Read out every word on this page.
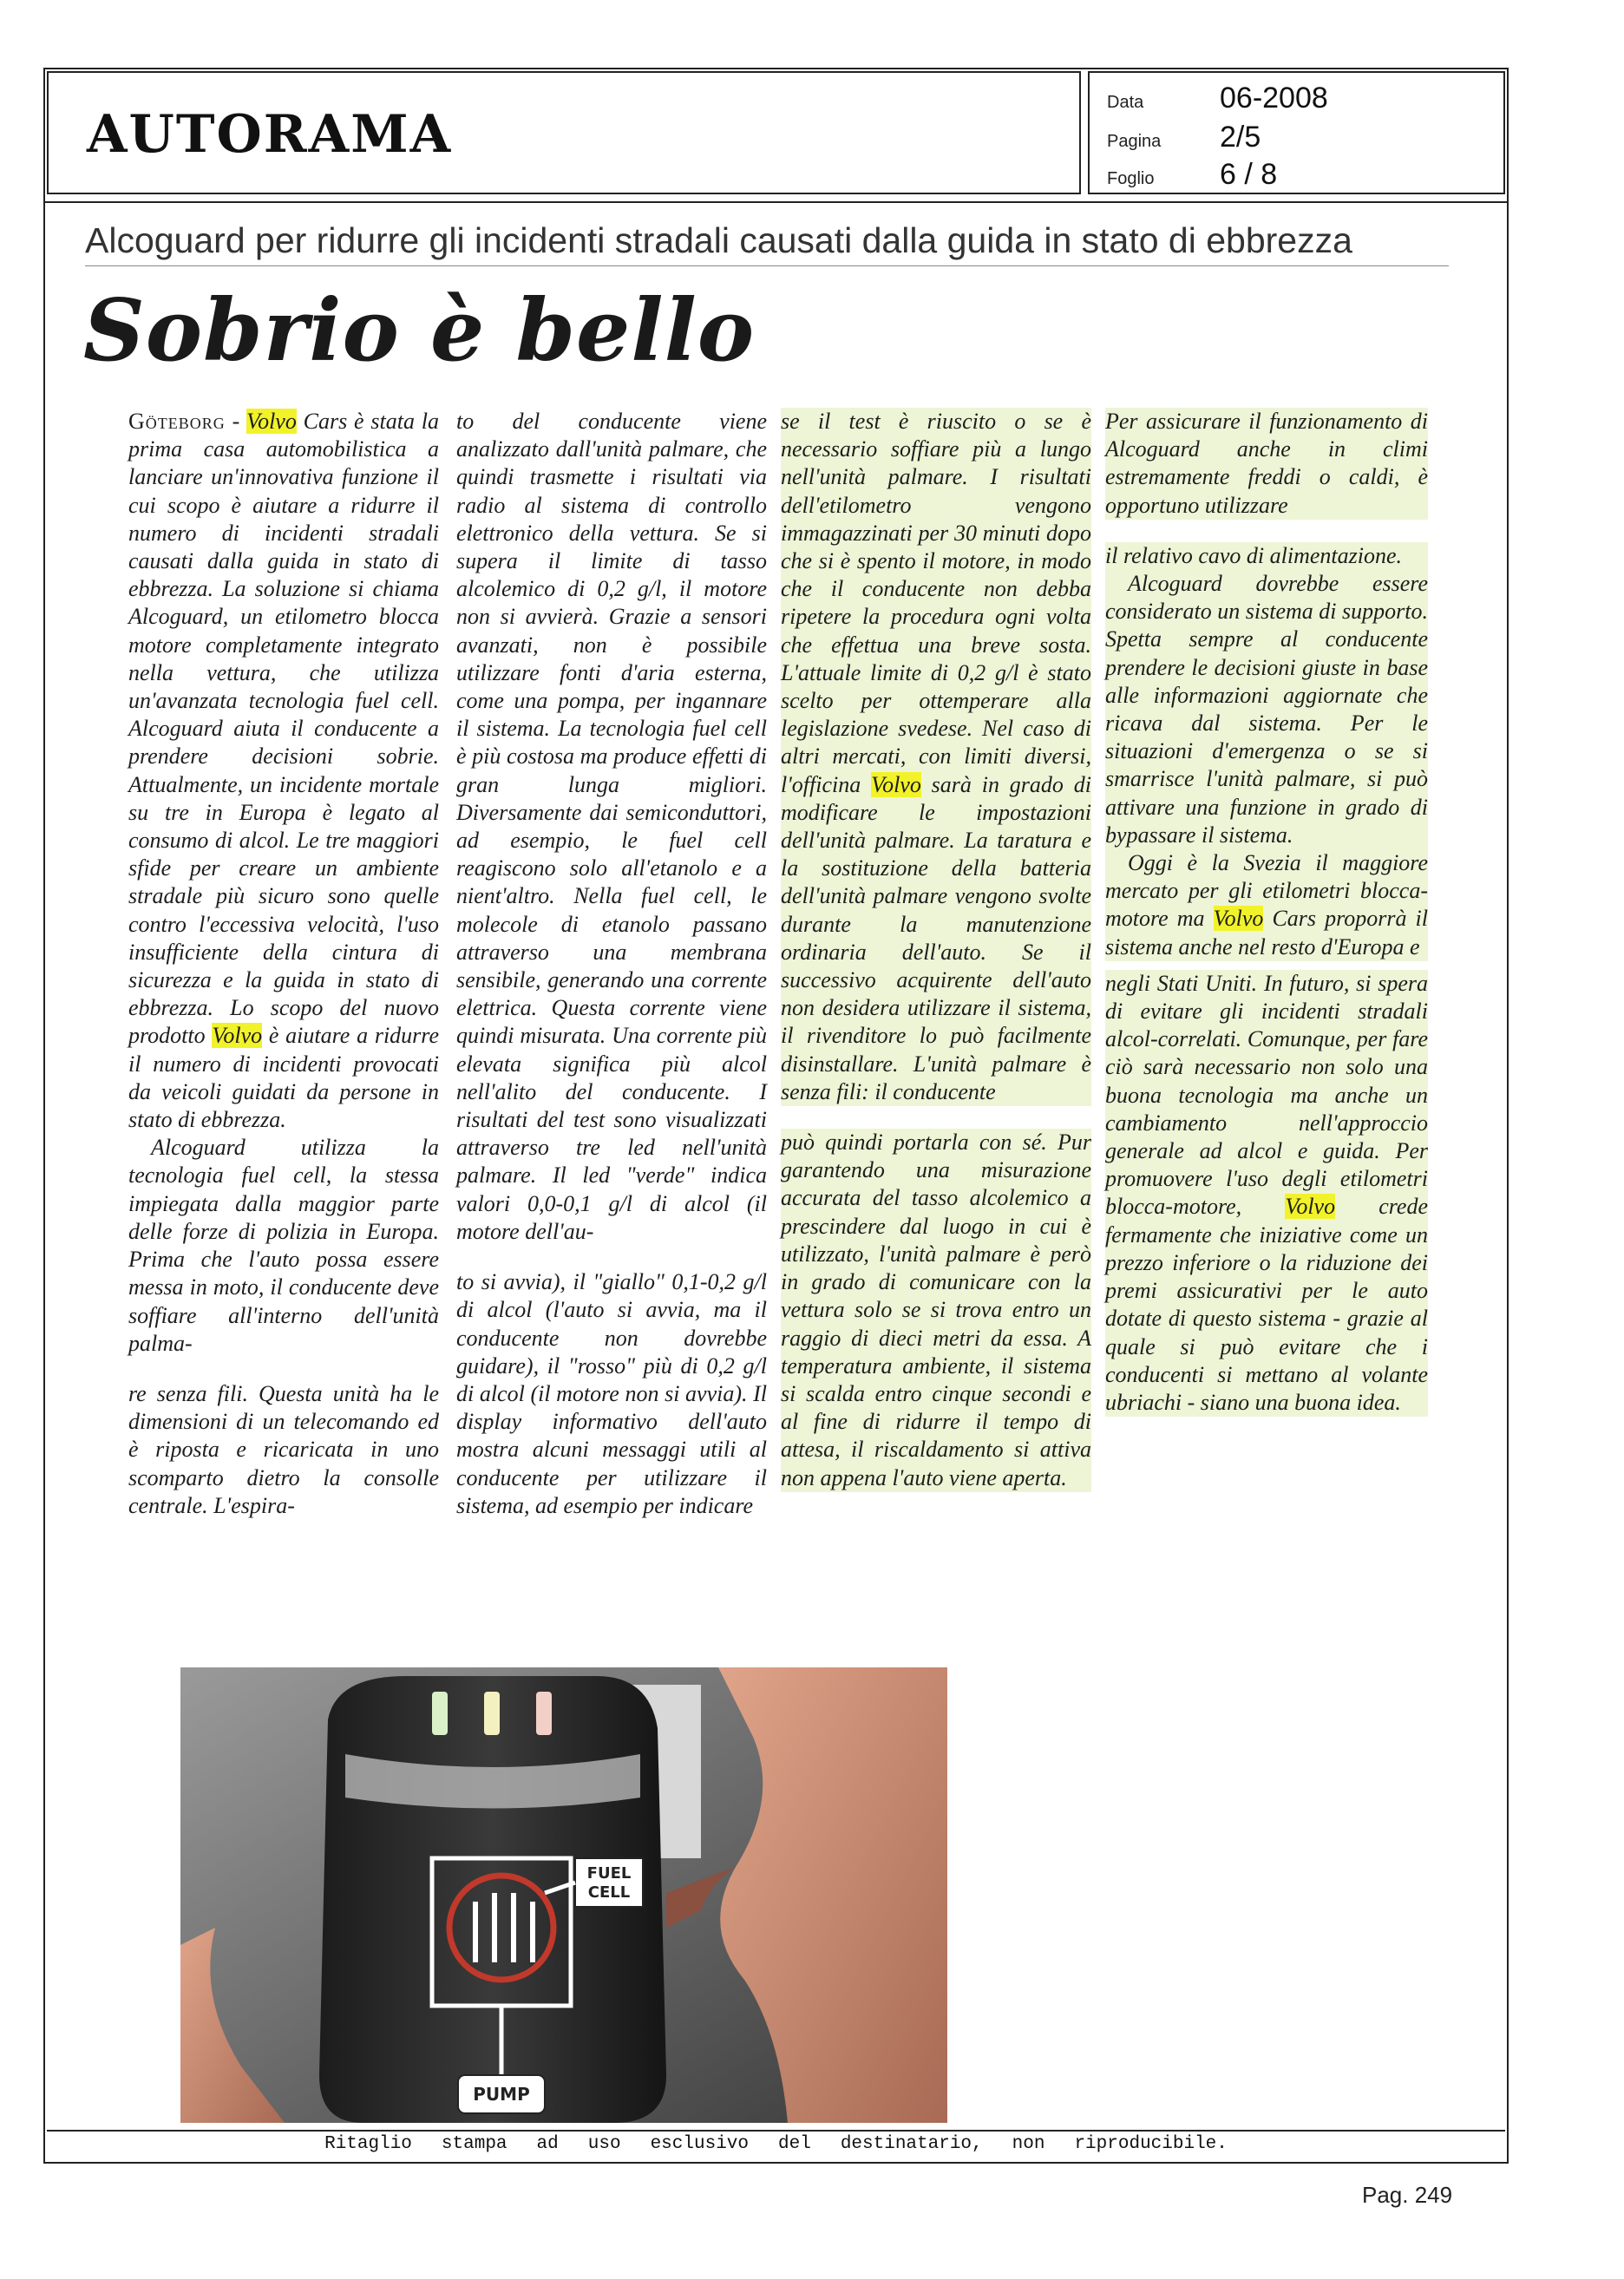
AUTORAMA
Data	06-2008
Pagina	2/5
Foglio	6 / 8
Alcoguard per ridurre gli incidenti stradali causati dalla guida in stato di ebbrezza
Sobrio è bello

Göteborg - Volvo Cars è stata la prima casa automobilistica a lanciare un'innovativa funzione il cui scopo è aiutare a ridurre il numero di incidenti stradali causati dalla guida in stato di ebbrezza. La soluzione si chiama Alcoguard, un etilometro blocca motore completamente integrato nella vettura, che utilizza un'avanzata tecnologia fuel cell. Alcoguard aiuta il conducente a prendere decisioni sobrie. Attualmente, un incidente mortale su tre in Europa è legato al consumo di alcol. Le tre maggiori sfide per creare un ambiente stradale più sicuro sono quelle contro l'eccessiva velocità, l'uso insufficiente della cintura di sicurezza e la guida in stato di ebbrezza. Lo scopo del nuovo prodotto Volvo è aiutare a ridurre il numero di incidenti provocati da veicoli guidati da persone in stato di ebbrezza.

Alcoguard utilizza la tecnologia fuel cell, la stessa impiegata dalla maggior parte delle forze di polizia in Europa. Prima che l'auto possa essere messa in moto, il conducente deve soffiare all'interno dell'unità palma-

re senza fili. Questa unità ha le dimensioni di un telecomando ed è riposta e ricaricata in uno scomparto dietro la consolle centrale. L'espira-

to del conducente viene analizzato dall'unità palmare, che quindi trasmette i risultati via radio al sistema di controllo elettronico della vettura. Se si supera il limite di tasso alcolemico di 0,2 g/l, il motore non si avvierà. Grazie a sensori avanzati, non è possibile utilizzare fonti d'aria esterna, come una pompa, per ingannare il sistema. La tecnologia fuel cell è più costosa ma produce effetti di gran lunga migliori. Diversamente dai semiconduttori, ad esempio, le fuel cell reagiscono solo all'etanolo e a nient'altro. Nella fuel cell, le molecole di etanolo passano attraverso una membrana sensibile, generando una corrente elettrica. Questa corrente viene quindi misurata. Una corrente più elevata significa più alcol nell'alito del conducente. I risultati del test sono visualizzati attraverso tre led nell'unità palmare. Il led "verde" indica valori 0,0-0,1 g/l di alcol (il motore dell'au-

to si avvia), il "giallo" 0,1-0,2 g/l di alcol (l'auto si avvia, ma il conducente non dovrebbe guidare), il "rosso" più di 0,2 g/l di alcol (il motore non si avvia). Il display informativo dell'auto mostra alcuni messaggi utili al conducente per utilizzare il sistema, ad esempio per indicare

se il test è riuscito o se è necessario soffiare più a lungo nell'unità palmare. I risultati dell'etilometro vengono immagazzinati per 30 minuti dopo che si è spento il motore, in modo che il conducente non debba ripetere la procedura ogni volta che effettua una breve sosta. L'attuale limite di 0,2 g/l è stato scelto per ottemperare alla legislazione svedese. Nel caso di altri mercati, con limiti diversi, l'officina Volvo sarà in grado di modificare le impostazioni dell'unità palmare. La taratura e la sostituzione della batteria dell'unità palmare vengono svolte durante la manutenzione ordinaria dell'auto. Se il successivo acquirente dell'auto non desidera utilizzare il sistema, il rivenditore lo può facilmente disinstallare. L'unità palmare è senza fili: il conducente

può quindi portarla con sé. Pur garantendo una misurazione accurata del tasso alcolemico a prescindere dal luogo in cui è utilizzato, l'unità palmare è però in grado di comunicare con la vettura solo se si trova entro un raggio di dieci metri da essa. A temperatura ambiente, il sistema si scalda entro cinque secondi e al fine di ridurre il tempo di attesa, il riscaldamento si attiva non appena l'auto viene aperta.

Per assicurare il funzionamento di Alcoguard anche in climi estremamente freddi o caldi, è opportuno utilizzare

il relativo cavo di alimentazione.

Alcoguard dovrebbe essere considerato un sistema di supporto. Spetta sempre al conducente prendere le decisioni giuste in base alle informazioni aggiornate che ricava dal sistema. Per le situazioni d'emergenza o se si smarrisce l'unità palmare, si può attivare una funzione in grado di bypassare il sistema.

Oggi è la Svezia il maggiore mercato per gli etilometri blocca-motore ma Volvo Cars proporrà il sistema anche nel resto d'Europa e

negli Stati Uniti. In futuro, si spera di evitare gli incidenti stradali alcol-correlati. Comunque, per fare ciò sarà necessario non solo una buona tecnologia ma anche un cambiamento nell'approccio generale ad alcol e guida. Per promuovere l'uso degli etilometri blocca-motore, Volvo crede fermamente che iniziative come un prezzo inferiore o la riduzione dei premi assicurativi per le auto dotate di questo sistema - grazie al quale si può evitare che i conducenti si mettano al volante ubriachi - siano una buona idea.

FUEL
CELL
PUMP
Ritaglio stampa ad uso esclusivo del destinatario, non riproducibile.
Pag. 249
